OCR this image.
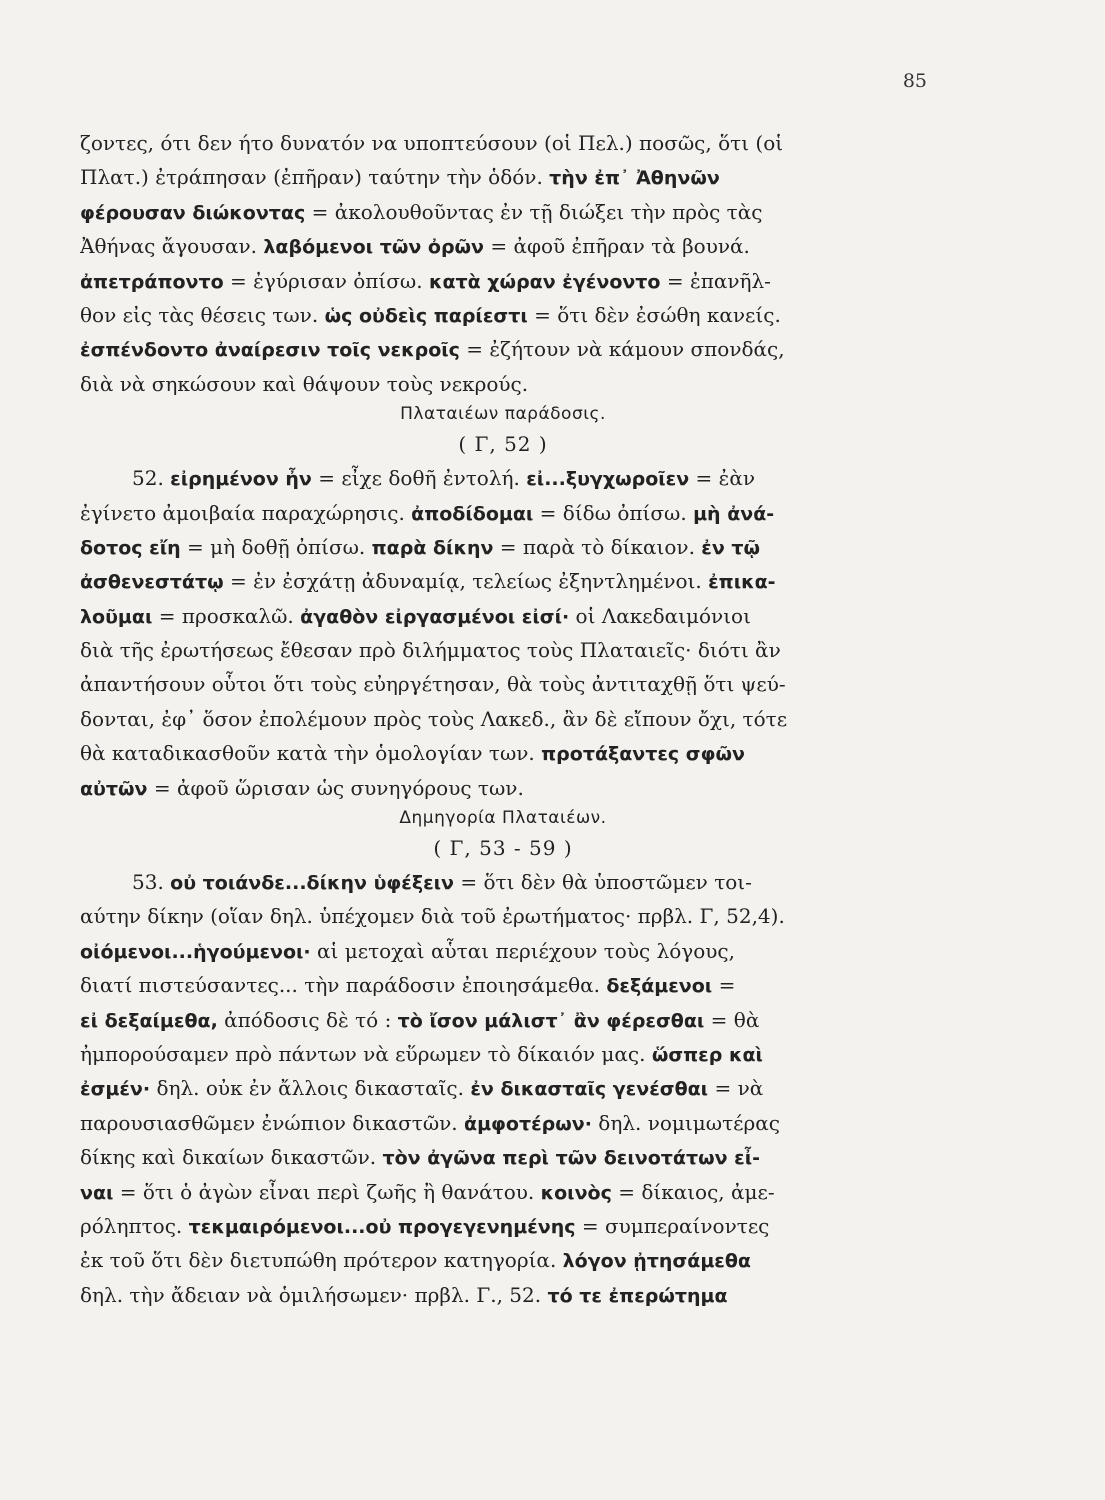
85
ζοντες, ότι δεν ήτο δυνατόν να υποπτεύσουν (οἱ Πελ.) ποσῶς, ὅτι (οἱ
Πλατ.) ἐτράπησαν (ἐπῆραν) ταύτην τὴν ὁδόν. τὴν ἐπ᾽ Ἀθηνῶν
φέρουσαν διώκοντας = ἀκολουθοῦντας ἐν τῇ διώξει τὴν πρὸς τὰς
Ἀθήνας ἄγουσαν. λαβόμενοι τῶν ὀρῶν = ἀφοῦ ἐπῆραν τὰ βουνά.
ἀπετράποντο = ἐγύρισαν ὀπίσω. κατὰ χώραν ἐγένοντο = ἐπανῆλ-
θον εἰς τὰς θέσεις των. ὡς οὐδεὶς παρίεστι = ὅτι δὲν ἐσώθη κανείς.
ἐσπένδοντο ἀναίρεσιν τοῖς νεκροῖς = ἐζήτουν νὰ κάμουν σπονδάς,
διὰ νὰ σηκώσουν καὶ θάψουν τοὺς νεκρούς.
Πλαταιέων παράδοσις.
( Γ, 52 )
52. εἰρημένον ἦν = εἶχε δοθῆ ἐντολή. εἰ...ξυγχωροῖεν = ἐὰν
ἐγίνετο ἀμοιβαία παραχώρησις. ἀποδίδομαι = δίδω ὀπίσω. μὴ ἀνά-
δοτος εἴη = μὴ δοθῇ ὀπίσω. παρὰ δίκην = παρὰ τὸ δίκαιον. ἐν τῷ
ἀσθενεστάτῳ = ἐν ἐσχάτῃ ἀδυναμίᾳ, τελείως ἐξηντλημένοι. ἐπικα-
λοῦμαι = προσκαλῶ. ἀγαθὸν εἰργασμένοι εἰσί· οἱ Λακεδαιμόνιοι
διὰ τῆς ἐρωτήσεως ἔθεσαν πρὸ διλήμματος τοὺς Πλαταιεῖς· διότι ἂν
ἀπαντήσουν οὗτοι ὅτι τοὺς εὐηργέτησαν, θὰ τοὺς ἀντιταχθῇ ὅτι ψεύ-
δονται, ἐφ᾽ ὅσον ἐπολέμουν πρὸς τοὺς Λακεδ., ἂν δὲ εἴπουν ὄχι, τότε
θὰ καταδικασθοῦν κατὰ τὴν ὁμολογίαν των. προτάξαντες σφῶν
αὐτῶν = ἀφοῦ ὥρισαν ὡς συνηγόρους των.
Δημηγορία Πλαταιέων.
( Γ, 53 - 59 )
53. οὐ τοιάνδε...δίκην ὑφέξειν = ὅτι δὲν θὰ ὑποστῶμεν τοι-
αύτην δίκην (οἵαν δηλ. ὑπέχομεν διὰ τοῦ ἐρωτήματος· πρβλ. Γ, 52,4).
οἰόμενοι...ἡγούμενοι· αἱ μετοχαὶ αὗται περιέχουν τοὺς λόγους,
διατί πιστεύσαντες... τὴν παράδοσιν ἐποιησάμεθα. δεξάμενοι =
εἰ δεξαίμεθα, ἀπόδοσις δὲ τό : τὸ ἴσον μάλιστ᾽ ἂν φέρεσθαι = θὰ
ἠμπορούσαμεν πρὸ πάντων νὰ εὕρωμεν τὸ δίκαιόν μας. ὥσπερ καὶ
ἐσμέν· δηλ. οὐκ ἐν ἄλλοις δικασταῖς. ἐν δικασταῖς γενέσθαι = νὰ
παρουσιασθῶμεν ἐνώπιον δικαστῶν. ἀμφοτέρων· δηλ. νομιμωτέρας
δίκης καὶ δικαίων δικαστῶν. τὸν ἀγῶνα περὶ τῶν δεινοτάτων εἶ-
ναι = ὅτι ὁ ἀγὼν εἶναι περὶ ζωῆς ἢ θανάτου. κοινὸς = δίκαιος, ἀμε-
ρόληπτος. τεκμαιρόμενοι...οὐ προγεγενημένης = συμπεραίνοντες
ἐκ τοῦ ὅτι δὲν διετυπώθη πρότερον κατηγορία. λόγον ᾐτησάμεθα
δηλ. τὴν ἄδειαν νὰ ὁμιλήσωμεν· πρβλ. Γ., 52. τό τε ἐπερώτημα
